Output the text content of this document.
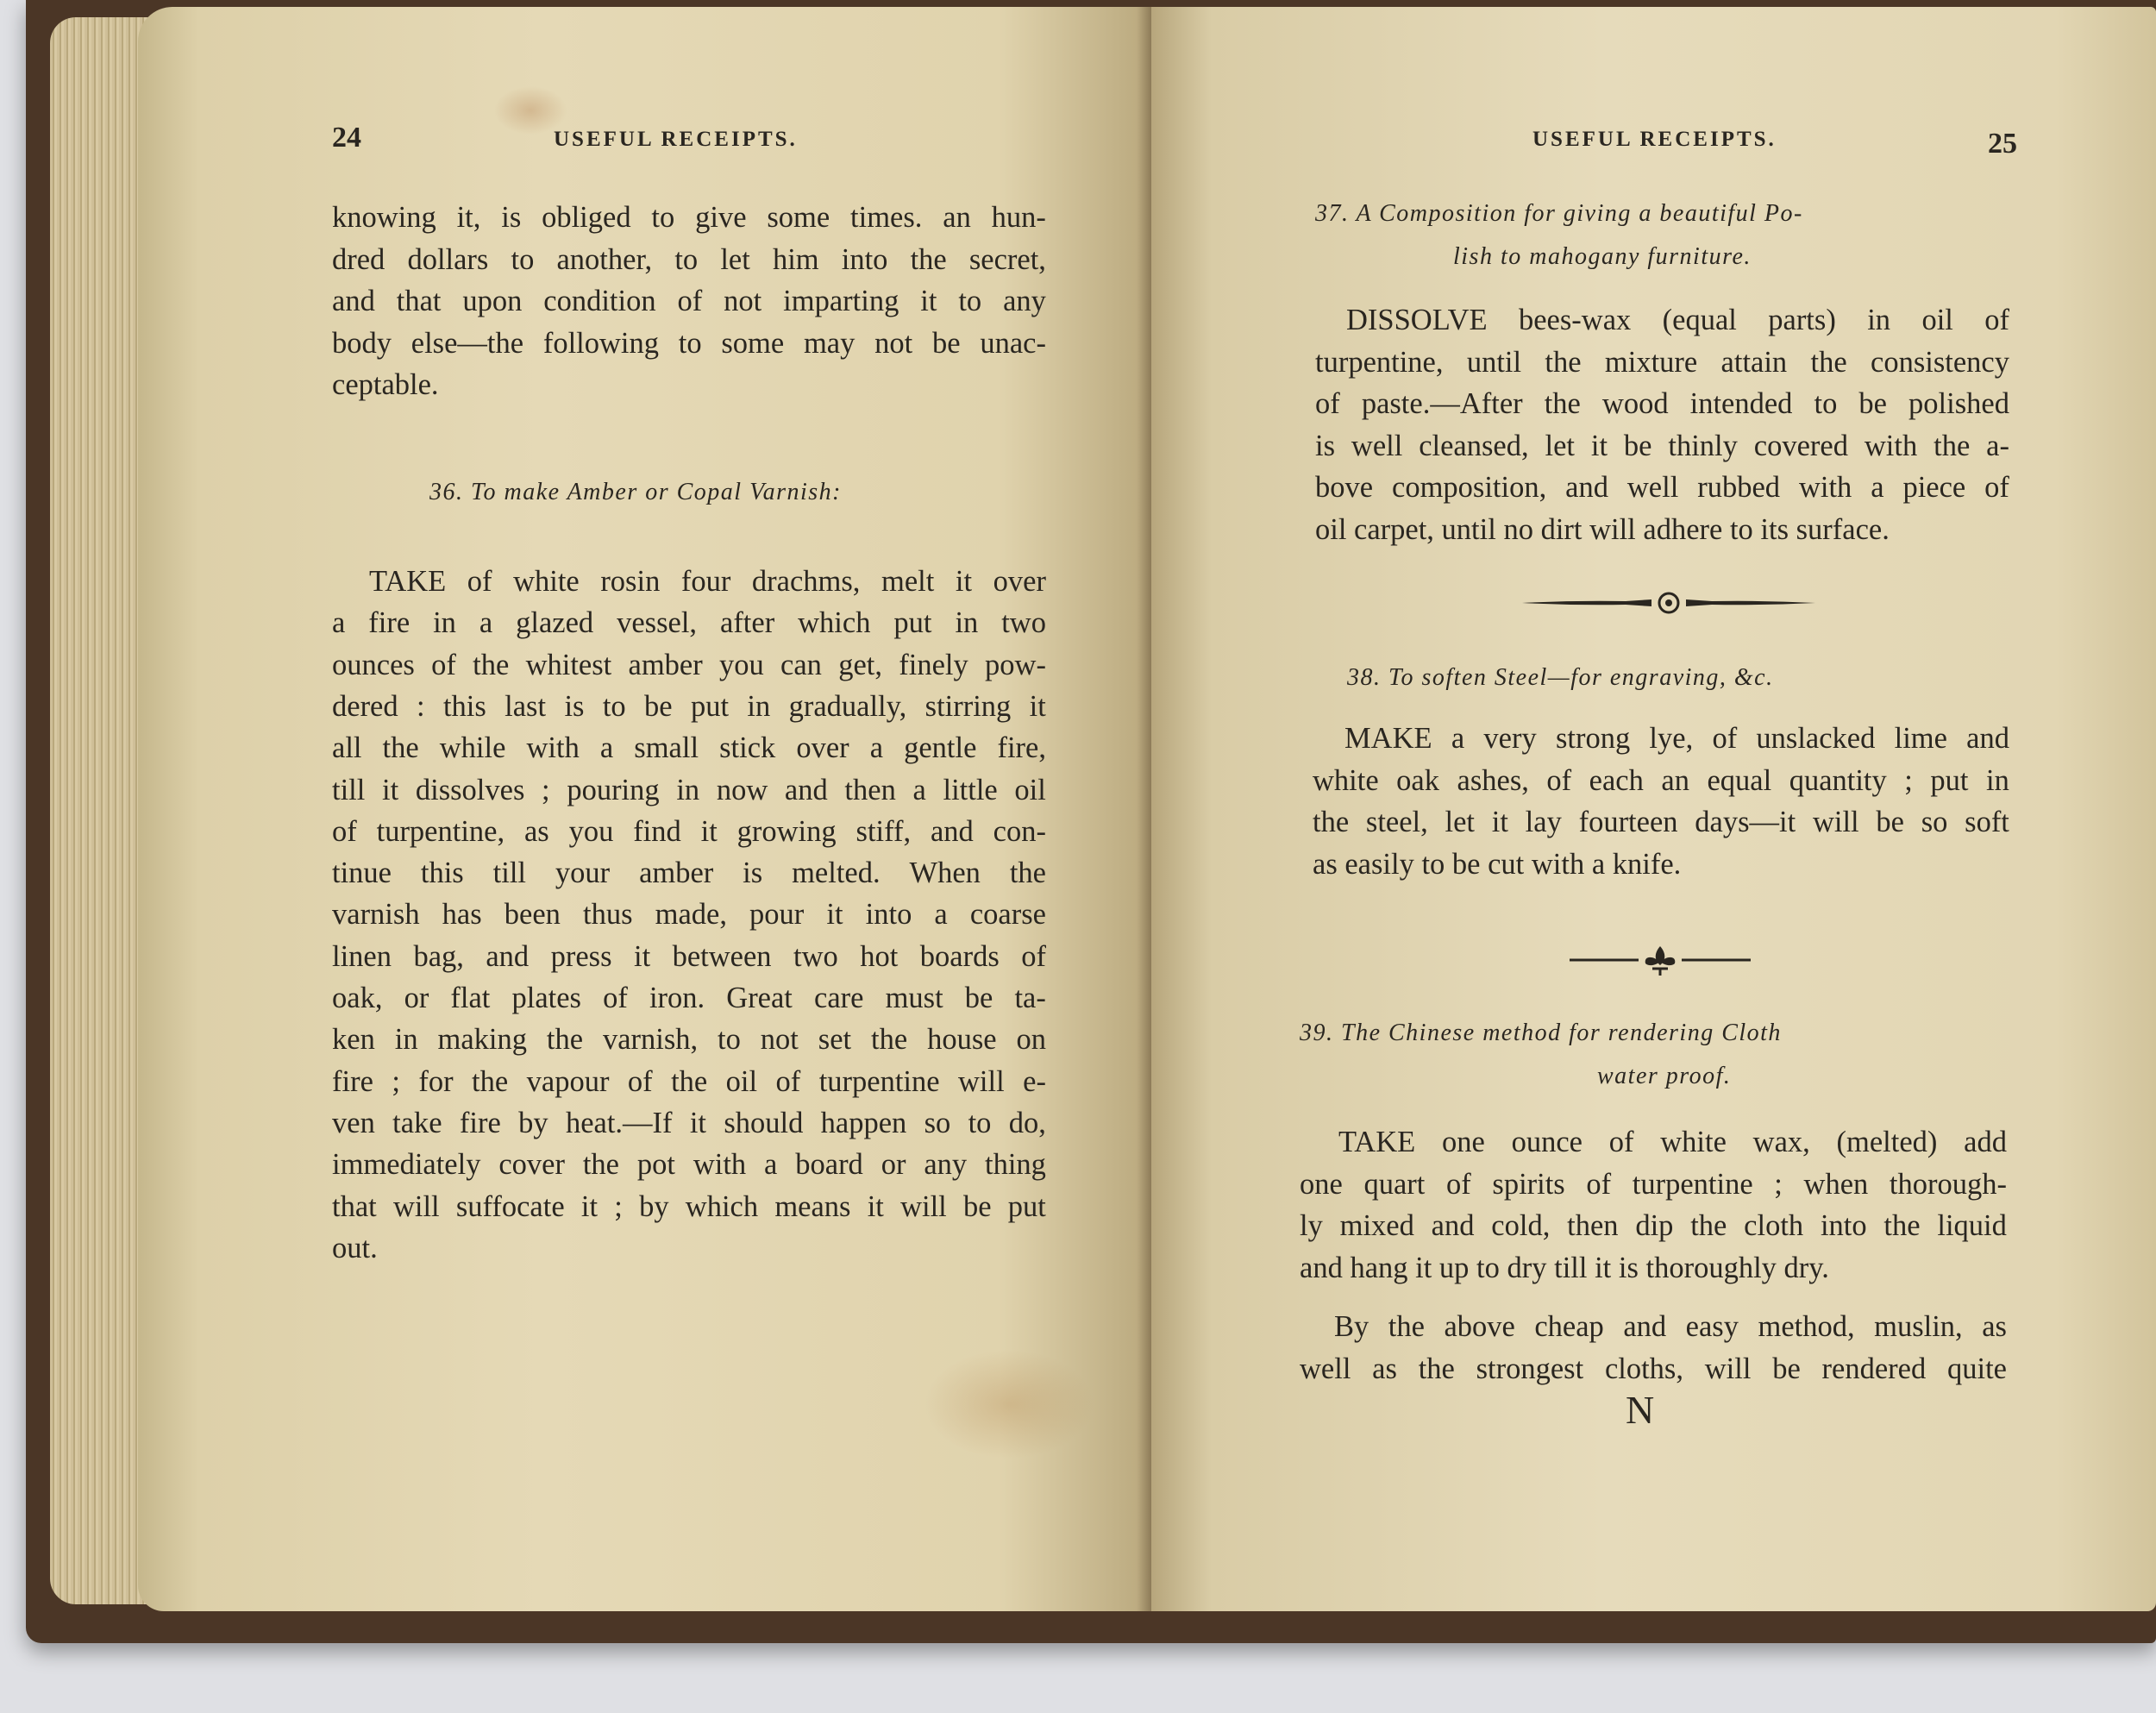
24	USEFUL RECEIPTS.
knowing it, is obliged to give some times. an hun-
dred dollars to another, to let him into the secret,
and that upon condition of not imparting it to any
body else—the following to some may not be unac-
ceptable.
36. To make Amber or Copal Varnish:
TAKE of white rosin four drachms, melt it over
a fire in a glazed vessel, after which put in two
ounces of the whitest amber you can get, finely pow-
dered : this last is to be put in gradually, stirring it
all the while with a small stick over a gentle fire,
till it dissolves ; pouring in now and then a little oil
of turpentine, as you find it growing stiff, and con-
tinue this till your amber is melted. When the
varnish has been thus made, pour it into a coarse
linen bag, and press it between two hot boards of
oak, or flat plates of iron. Great care must be ta-
ken in making the varnish, to not set the house on
fire ; for the vapour of the oil of turpentine will e-
ven take fire by heat.—If it should happen so to do,
immediately cover the pot with a board or any thing
that will suffocate it ; by which means it will be put
out.
USEFUL RECEIPTS.	25
37. A Composition for giving a beautiful Po-
lish to mahogany furniture.
DISSOLVE bees-wax (equal parts) in oil of
turpentine, until the mixture attain the consistency
of paste.—After the wood intended to be polished
is well cleansed, let it be thinly covered with the a-
bove composition, and well rubbed with a piece of
oil carpet, until no dirt will adhere to its surface.
38. To soften Steel—for engraving, &c.
MAKE a very strong lye, of unslacked lime and
white oak ashes, of each an equal quantity ; put in
the steel, let it lay fourteen days—it will be so soft
as easily to be cut with a knife.
39. The Chinese method for rendering Cloth
water proof.
TAKE one ounce of white wax, (melted) add
one quart of spirits of turpentine ; when thorough-
ly mixed and cold, then dip the cloth into the liquid
and hang it up to dry till it is thoroughly dry.
By the above cheap and easy method, muslin, as
well as the strongest cloths, will be rendered quite
N
